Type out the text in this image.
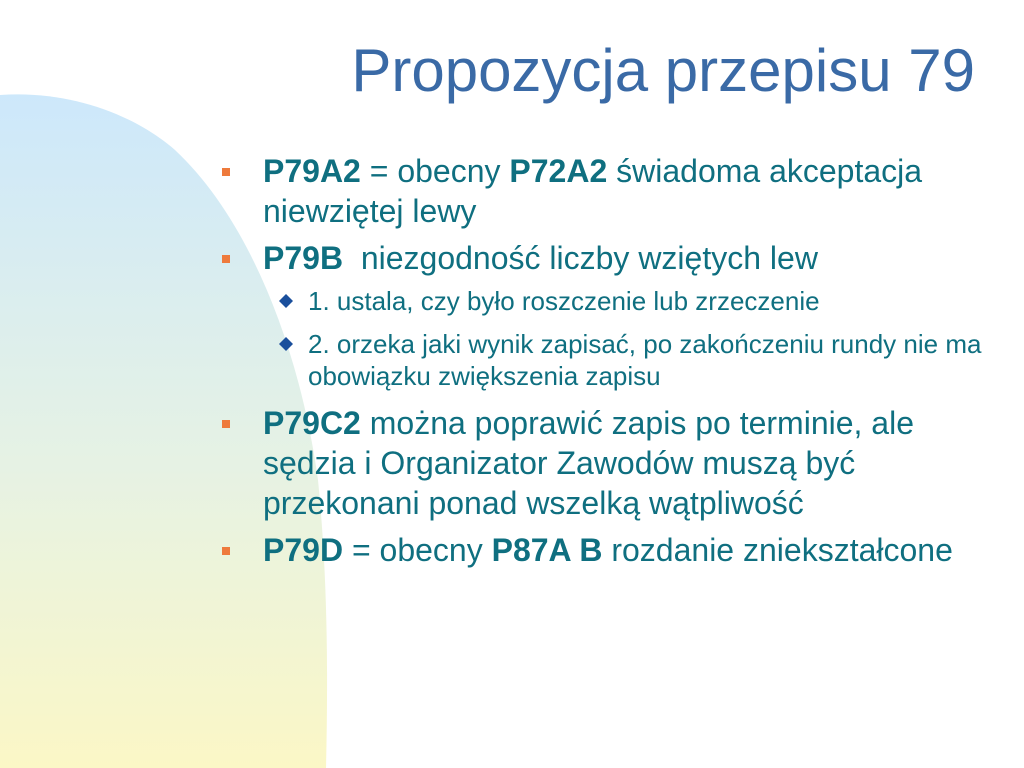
Propozycja przepisu 79
P79A2 = obecny P72A2 świadoma akceptacja niewziętej lewy
P79B  niezgodność liczby wziętych lew
1. ustala, czy było roszczenie lub zrzeczenie
2. orzeka jaki wynik zapisać, po zakończeniu rundy nie ma obowiązku zwiększenia zapisu
P79C2 można poprawić zapis po terminie, ale sędzia i Organizator Zawodów muszą być przekonani ponad wszelką wątpliwość
P79D = obecny P87A B rozdanie zniekształcone
